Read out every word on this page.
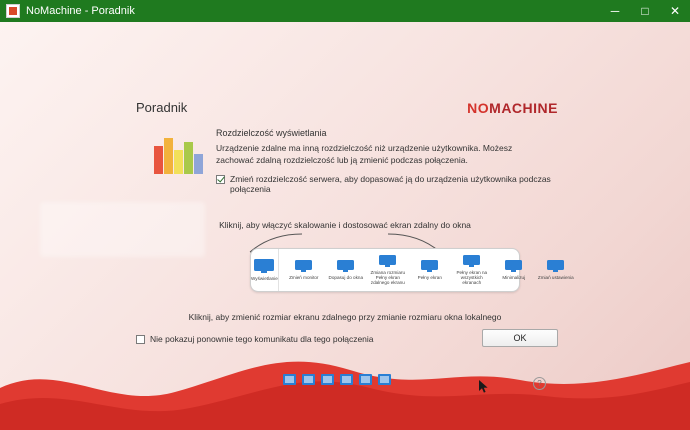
NoMachine - Poradnik	─	□	✕
Poradnik	NOMACHINE
Rozdzielczość wyświetlania
Urządzenie zdalne ma inną rozdzielczość niż urządzenie użytkownika. Możesz zachować zdalną rozdzielczość lub ją zmienić podczas połączenia.
Zmień rozdzielczość serwera, aby dopasować ją do urządzenia użytkownika podczas połączenia
Kliknij, aby włączyć skalowanie i dostosować ekran zdalny do okna
Wyświetlanie Zmień monitor Dopasuj do okna
Zmiana rozmiaru Pełny ekran zdalnego ekranu
Pełny ekran
Pełny ekran na wszystkich ekranach
Minimalizuj	Zmiań ustawienia
Kliknij, aby zmienić rozmiar ekranu zdalnego przy zmianie rozmiaru okna lokalnego
Nie pokazuj ponownie tego komunikatu dla tego połączenia	OK
?
